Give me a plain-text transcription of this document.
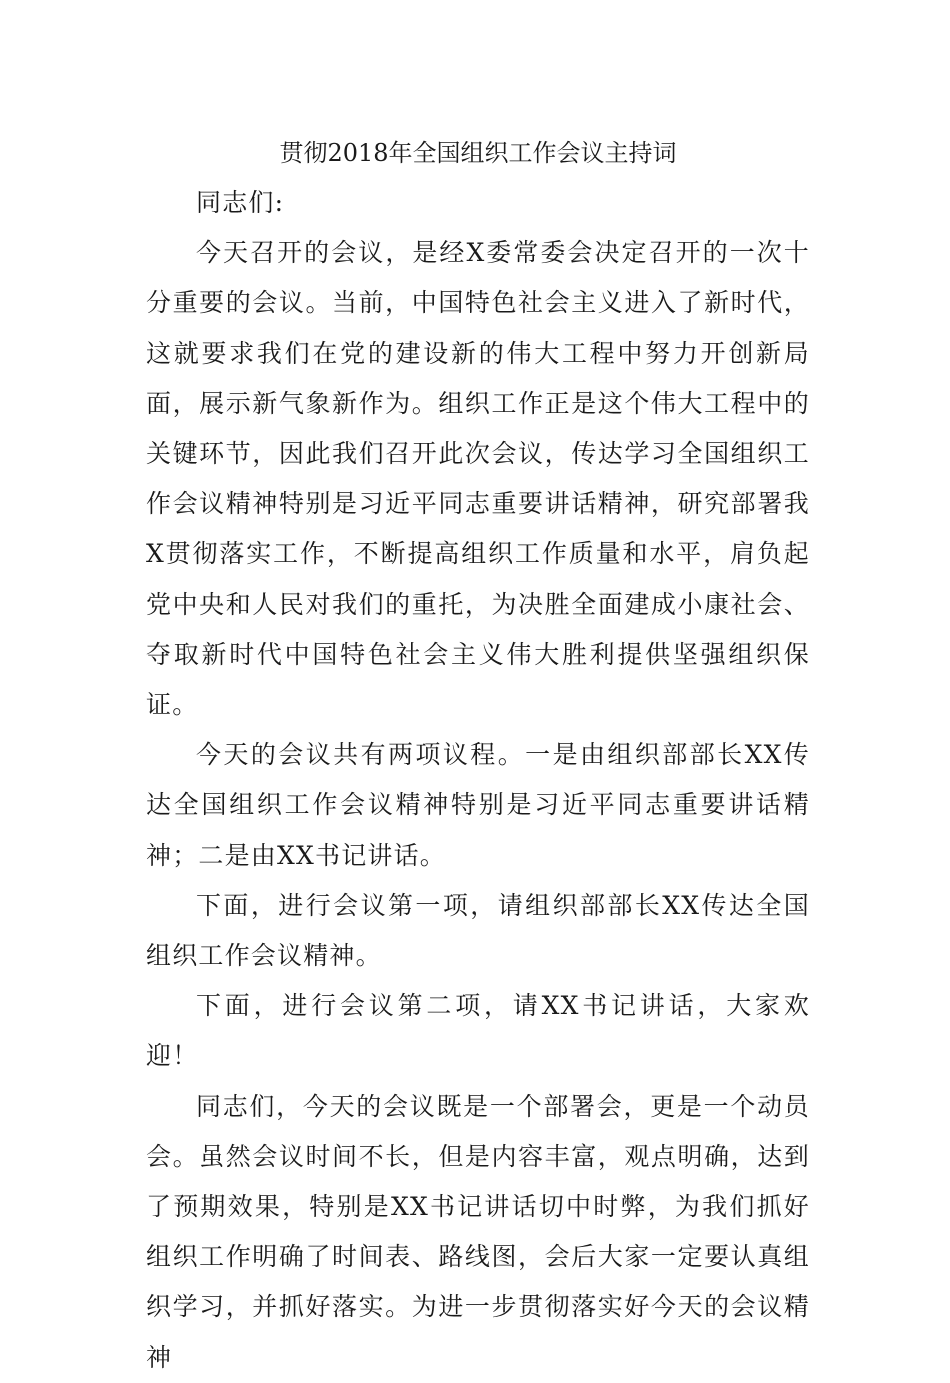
贯彻2018年全国组织工作会议主持词

同志们:

今天召开的会议，是经X委常委会决定召开的一次十分重要的会议。当前，中国特色社会主义进入了新时代，这就要求我们在党的建设新的伟大工程中努力开创新局面，展示新气象新作为。组织工作正是这个伟大工程中的关键环节，因此我们召开此次会议，传达学习全国组织工作会议精神特别是习近平同志重要讲话精神，研究部署我X贯彻落实工作，不断提高组织工作质量和水平，肩负起党中央和人民对我们的重托，为决胜全面建成小康社会、夺取新时代中国特色社会主义伟大胜利提供坚强组织保证。

今天的会议共有两项议程。一是由组织部部长XX传达全国组织工作会议精神特别是习近平同志重要讲话精神；二是由XX书记讲话。

下面，进行会议第一项，请组织部部长XX传达全国组织工作会议精神。

下面，进行会议第二项，请XX书记讲话，大家欢迎！

同志们，今天的会议既是一个部署会，更是一个动员会。虽然会议时间不长，但是内容丰富，观点明确，达到了预期效果，特别是XX书记讲话切中时弊，为我们抓好组织工作明确了时间表、路线图，会后大家一定要认真组织学习，并抓好落实。为进一步贯彻落实好今天的会议精神
